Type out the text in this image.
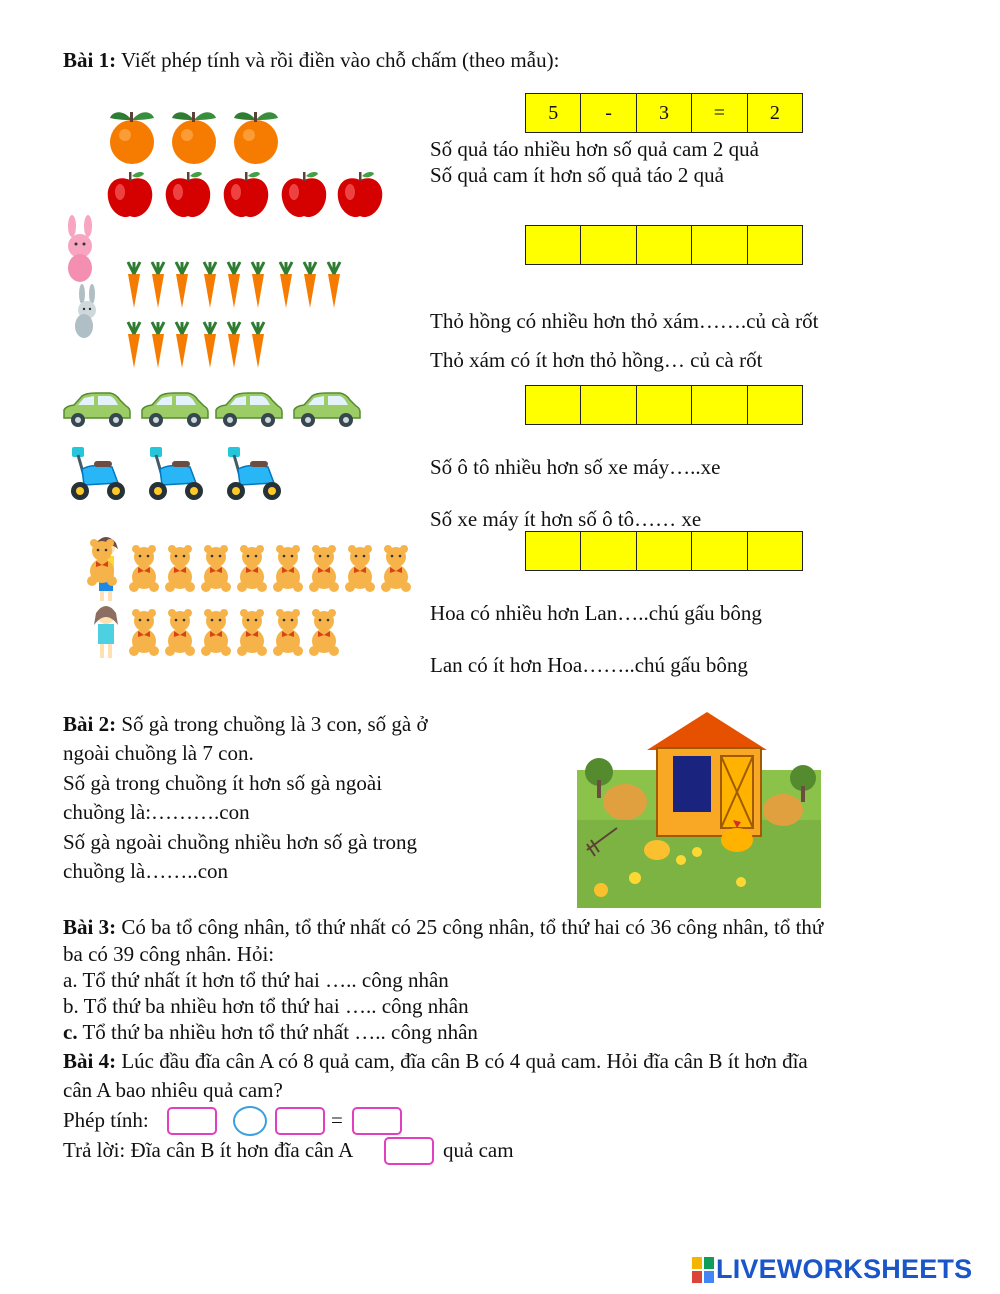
Bài 1: Viết phép tính và rồi điền vào chỗ chấm (theo mẫu):
5	-	3	=	2
Số quả táo nhiều hơn số quả cam 2 quả
Số quả cam ít hơn số quả táo 2 quả
Thỏ hồng có nhiều hơn thỏ xám…….củ cà rốt
Thỏ xám có ít hơn thỏ hồng… củ cà rốt
Số ô tô nhiều hơn số xe máy…..xe
Số xe máy ít hơn số ô tô…… xe
Hoa có nhiều hơn Lan…..chú gấu bông
Lan có ít hơn Hoa……..chú gấu bông
Bài 2: Số gà trong chuồng là 3 con, số gà ở
ngoài chuồng là 7 con.
Số gà trong chuồng ít hơn số gà ngoài
chuồng là:……….con
Số gà ngoài chuồng nhiều hơn số gà trong
chuồng là……..con
Bài 3: Có ba tổ công nhân, tổ thứ nhất có 25 công nhân, tổ thứ hai có 36 công nhân, tổ thứ
ba có 39 công nhân. Hỏi:
a. Tổ thứ nhất ít hơn tổ thứ hai ….. công nhân
b. Tổ thứ ba nhiều hơn tổ thứ hai ….. công nhân
c. Tổ thứ ba nhiều hơn tổ thứ nhất ….. công nhân
Bài 4: Lúc đầu đĩa cân A có 8 quả cam, đĩa cân B có 4 quả cam. Hỏi đĩa cân B ít hơn đĩa
cân A bao nhiêu quả cam?
Phép tính:	=
Trả lời: Đĩa cân B ít hơn đĩa cân A	quả cam
LIVEWORKSHEETS
